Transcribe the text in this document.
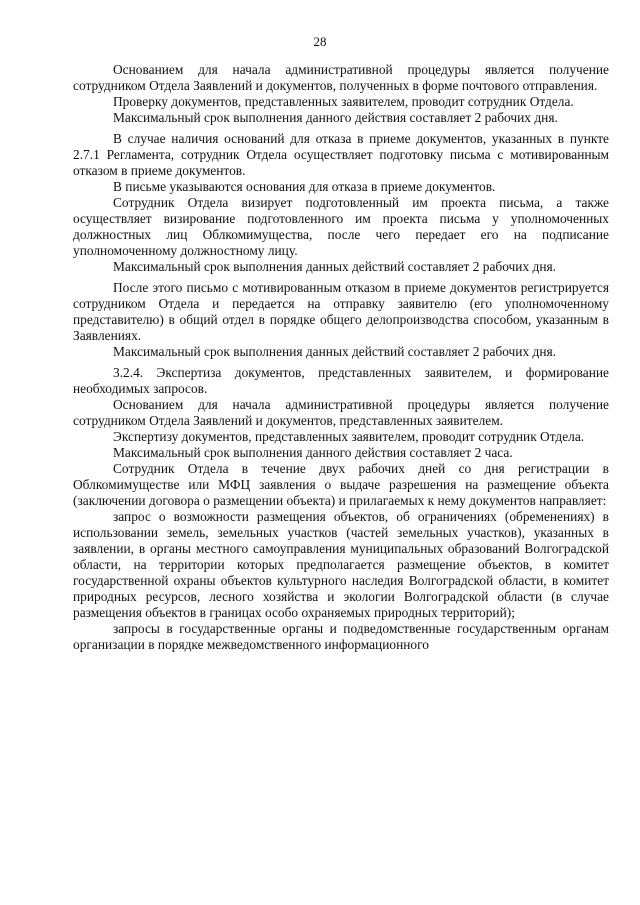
28

Основанием для начала административной процедуры является получение сотрудником Отдела Заявлений и документов, полученных в форме почтового отправления.

Проверку документов, представленных заявителем, проводит сотрудник Отдела.

Максимальный срок выполнения данного действия составляет 2 рабочих дня.

В случае наличия оснований для отказа в приеме документов, указанных в пункте 2.7.1 Регламента, сотрудник Отдела осуществляет подготовку письма с мотивированным отказом в приеме документов.

В письме указываются основания для отказа в приеме документов.

Сотрудник Отдела визирует подготовленный им проекта письма, а также осуществляет визирование подготовленного им проекта письма у уполномоченных должностных лиц Облкомимущества, после чего передает его на подписание уполномоченному должностному лицу.

Максимальный срок выполнения данных действий составляет 2 рабочих дня.

После этого письмо с мотивированным отказом в приеме документов регистрируется сотрудником Отдела и передается на отправку заявителю (его уполномоченному представителю) в общий отдел в порядке общего делопроизводства способом, указанным в Заявлениях.

Максимальный срок выполнения данных действий составляет 2 рабочих дня.

3.2.4. Экспертиза документов, представленных заявителем, и формирование необходимых запросов.

Основанием для начала административной процедуры является получение сотрудником Отдела Заявлений и документов, представленных заявителем.

Экспертизу документов, представленных заявителем, проводит сотрудник Отдела.

Максимальный срок выполнения данного действия составляет 2 часа.

Сотрудник Отдела в течение двух рабочих дней со дня регистрации в Облкомимуществе или МФЦ заявления о выдаче разрешения на размещение объекта (заключении договора о размещении объекта) и прилагаемых к нему документов направляет:

запрос о возможности размещения объектов, об ограничениях (обременениях) в использовании земель, земельных участков (частей земельных участков), указанных в заявлении, в органы местного самоуправления муниципальных образований Волгоградской области, на территории которых предполагается размещение объектов, в комитет государственной охраны объектов культурного наследия Волгоградской области, в комитет природных ресурсов, лесного хозяйства и экологии Волгоградской области (в случае размещения объектов в границах особо охраняемых природных территорий);

запросы в государственные органы и подведомственные государственным органам организации в порядке межведомственного информационного
